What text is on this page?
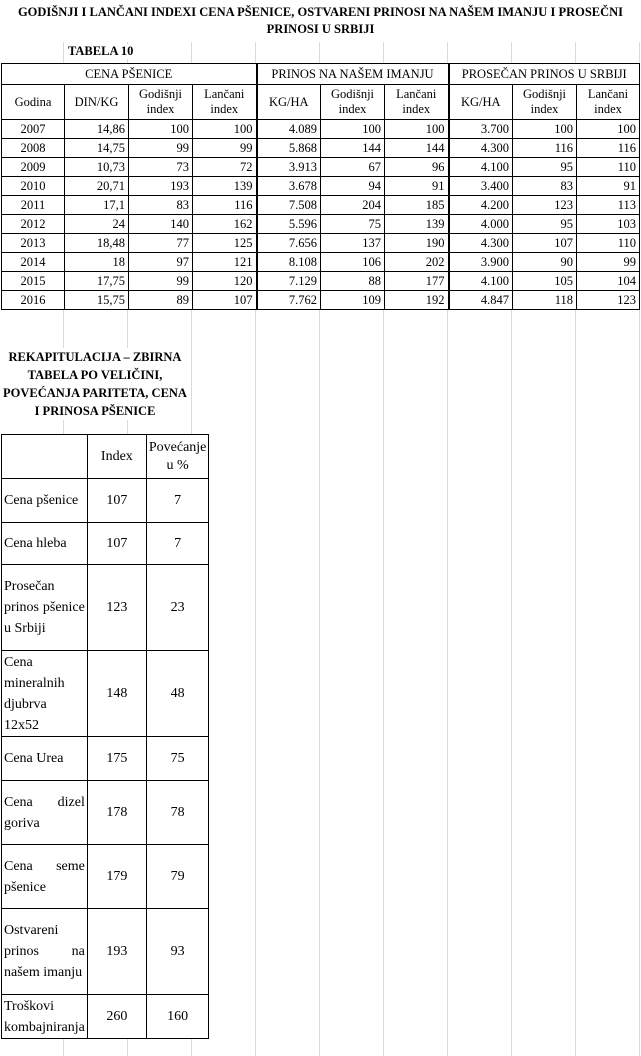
GODIŠNJI I LANČANI INDEXI CENA PŠENICE, OSTVARENI PRINOSI NA NAŠEM IMANJU I PROSEČNI
PRINOSI U SRBIJI
TABELA 10
CENA PŠENICE				PRINOS NA NAŠEM IMANJU			PROSEČAN PRINOS U SRBIJI		
Godina	DIN/KG	Godišnji index	Lančani index	KG/HA	Godišnji index	Lančani index	KG/HA	Godišnji index	Lančani index
2007	14,86	100	100	4.089	100	100	3.700	100	100
2008	14,75	99	99	5.868	144	144	4.300	116	116
2009	10,73	73	72	3.913	67	96	4.100	95	110
2010	20,71	193	139	3.678	94	91	3.400	83	91
2011	17,1	83	116	7.508	204	185	4.200	123	113
2012	24	140	162	5.596	75	139	4.000	95	103
2013	18,48	77	125	7.656	137	190	4.300	107	110
2014	18	97	121	8.108	106	202	3.900	90	99
2015	17,75	99	120	7.129	88	177	4.100	105	104
2016	15,75	89	107	7.762	109	192	4.847	118	123
REKAPITULACIJA – ZBIRNA TABELA PO VELIČINI, POVEĆANJA PARITETA, CENA I PRINOSA PŠENICE
	Index	Povećanje u %
Cena pšenice	107	7
Cena hleba	107	7
Prosečan prinos pšenice u Srbiji	123	23
Cena mineralnih djubrva 12x52	148	48
Cena Urea	175	75
Cena dizel goriva	178	78
Cena seme pšenice	179	79
Ostvareni prinos na našem imanju	193	93
Troškovi kombajniranja	260	160
